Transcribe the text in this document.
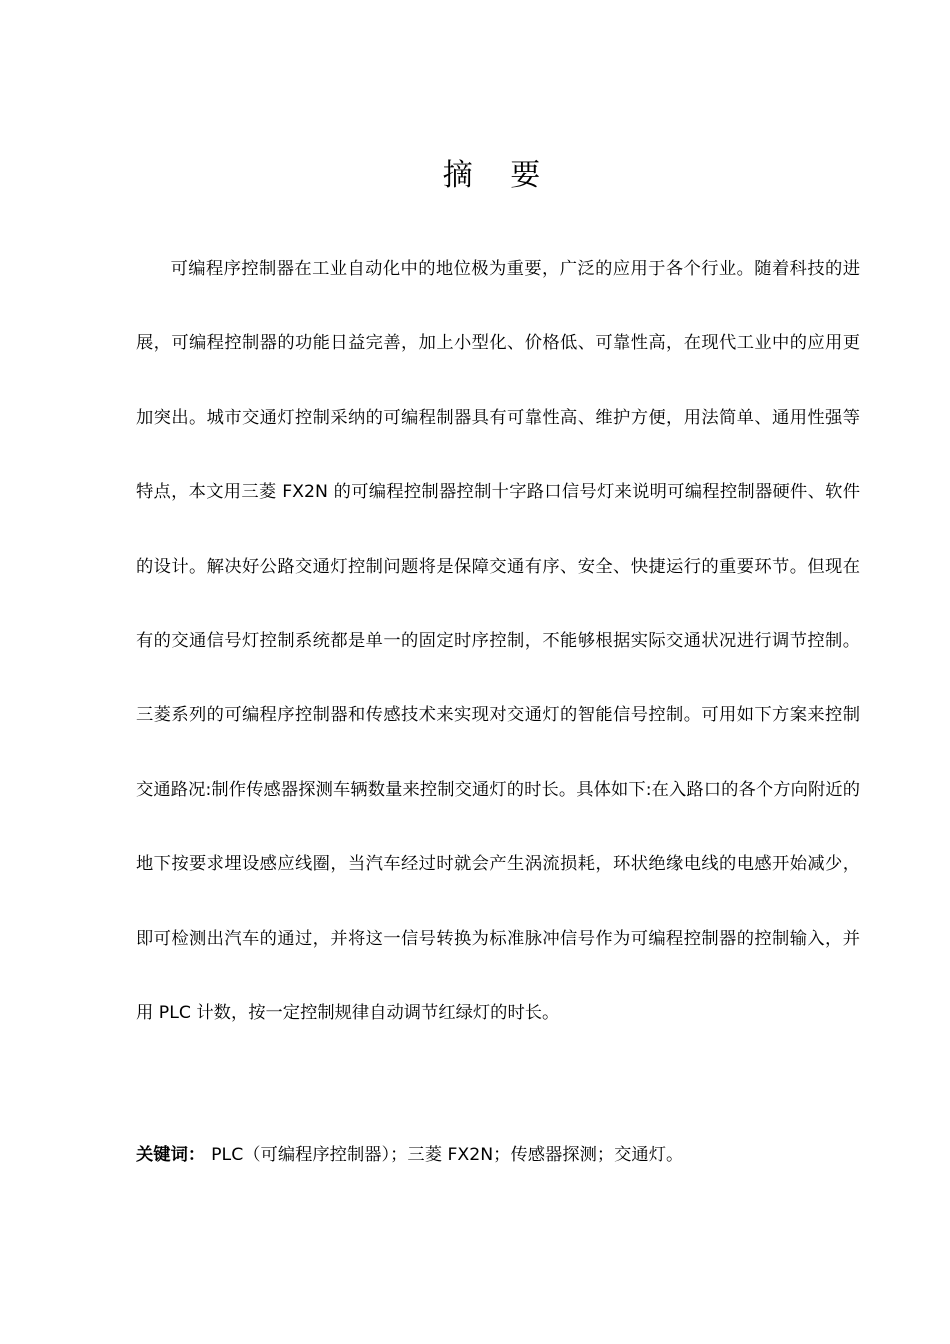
摘 要

可编程序控制器在工业自动化中的地位极为重要，广泛的应用于各个行业。随着科技的进展，可编程控制器的功能日益完善，加上小型化、价格低、可靠性高，在现代工业中的应用更加突出。城市交通灯控制采纳的可编程制器具有可靠性高、维护方便，用法简单、通用性强等特点，本文用三菱 FX2N 的可编程控制器控制十字路口信号灯来说明可编程控制器硬件、软件的设计。解决好公路交通灯控制问题将是保障交通有序、安全、快捷运行的重要环节。但现在有的交通信号灯控制系统都是单一的固定时序控制，不能够根据实际交通状况进行调节控制。三菱系列的可编程序控制器和传感技术来实现对交通灯的智能信号控制。可用如下方案来控制交通路况:制作传感器探测车辆数量来控制交通灯的时长。具体如下:在入路口的各个方向附近的地下按要求埋设感应线圈，当汽车经过时就会产生涡流损耗，环状绝缘电线的电感开始减少，即可检测出汽车的通过，并将这一信号转换为标准脉冲信号作为可编程控制器的控制输入，并用 PLC 计数，按一定控制规律自动调节红绿灯的时长。

关键词： PLC（可编程序控制器）；三菱 FX2N；传感器探测；交通灯。
